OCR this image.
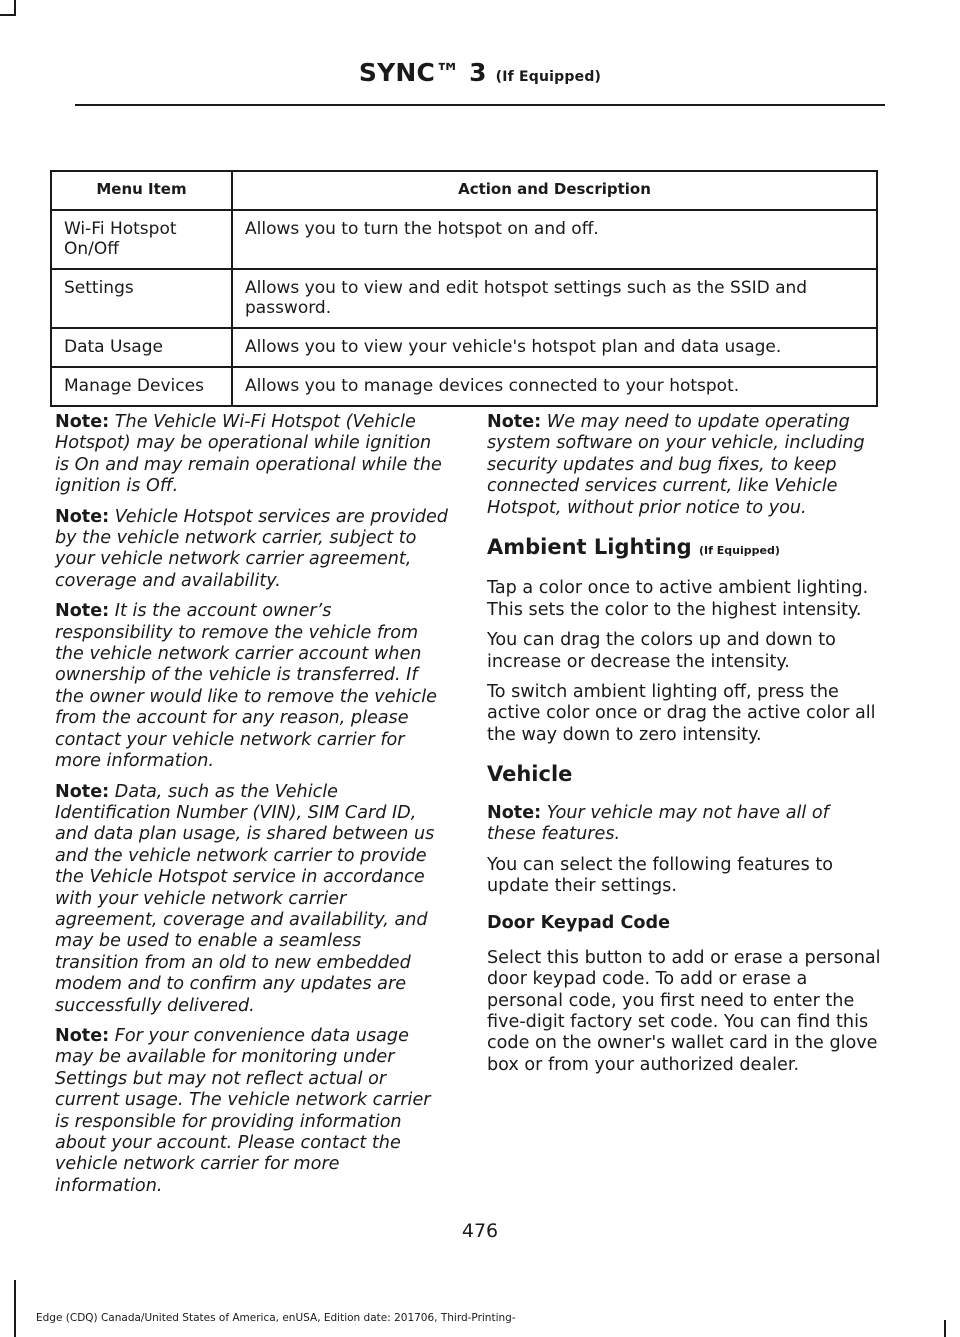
SYNC™ 3 (If Equipped)
Menu Item	Action and Description
Wi-Fi Hotspot On/Off	Allows you to turn the hotspot on and off.
Settings	Allows you to view and edit hotspot settings such as the SSID and password.
Data Usage	Allows you to view your vehicle's hotspot plan and data usage.
Manage Devices	Allows you to manage devices connected to your hotspot.

Note: The Vehicle Wi-Fi Hotspot (Vehicle Hotspot) may be operational while ignition is On and may remain operational while the ignition is Off.

Note: Vehicle Hotspot services are provided by the vehicle network carrier, subject to your vehicle network carrier agreement, coverage and availability.

Note: It is the account owner’s responsibility to remove the vehicle from the vehicle network carrier account when ownership of the vehicle is transferred. If the owner would like to remove the vehicle from the account for any reason, please contact your vehicle network carrier for more information.

Note: Data, such as the Vehicle Identification Number (VIN), SIM Card ID, and data plan usage, is shared between us and the vehicle network carrier to provide the Vehicle Hotspot service in accordance with your vehicle network carrier agreement, coverage and availability, and may be used to enable a seamless transition from an old to new embedded modem and to confirm any updates are successfully delivered.

Note: For your convenience data usage may be available for monitoring under Settings but may not reflect actual or current usage. The vehicle network carrier is responsible for providing information about your account. Please contact the vehicle network carrier for more information.

Note: We may need to update operating system software on your vehicle, including security updates and bug fixes, to keep connected services current, like Vehicle Hotspot, without prior notice to you.

Ambient Lighting (If Equipped)

Tap a color once to active ambient lighting. This sets the color to the highest intensity.

You can drag the colors up and down to increase or decrease the intensity.

To switch ambient lighting off, press the active color once or drag the active color all the way down to zero intensity.

Vehicle

Note: Your vehicle may not have all of these features.

You can select the following features to update their settings.

Door Keypad Code

Select this button to add or erase a personal door keypad code. To add or erase a personal code, you first need to enter the five-digit factory set code. You can find this code on the owner's wallet card in the glove box or from your authorized dealer.

476
Edge (CDQ) Canada/United States of America, enUSA, Edition date: 201706, Third-Printing-
